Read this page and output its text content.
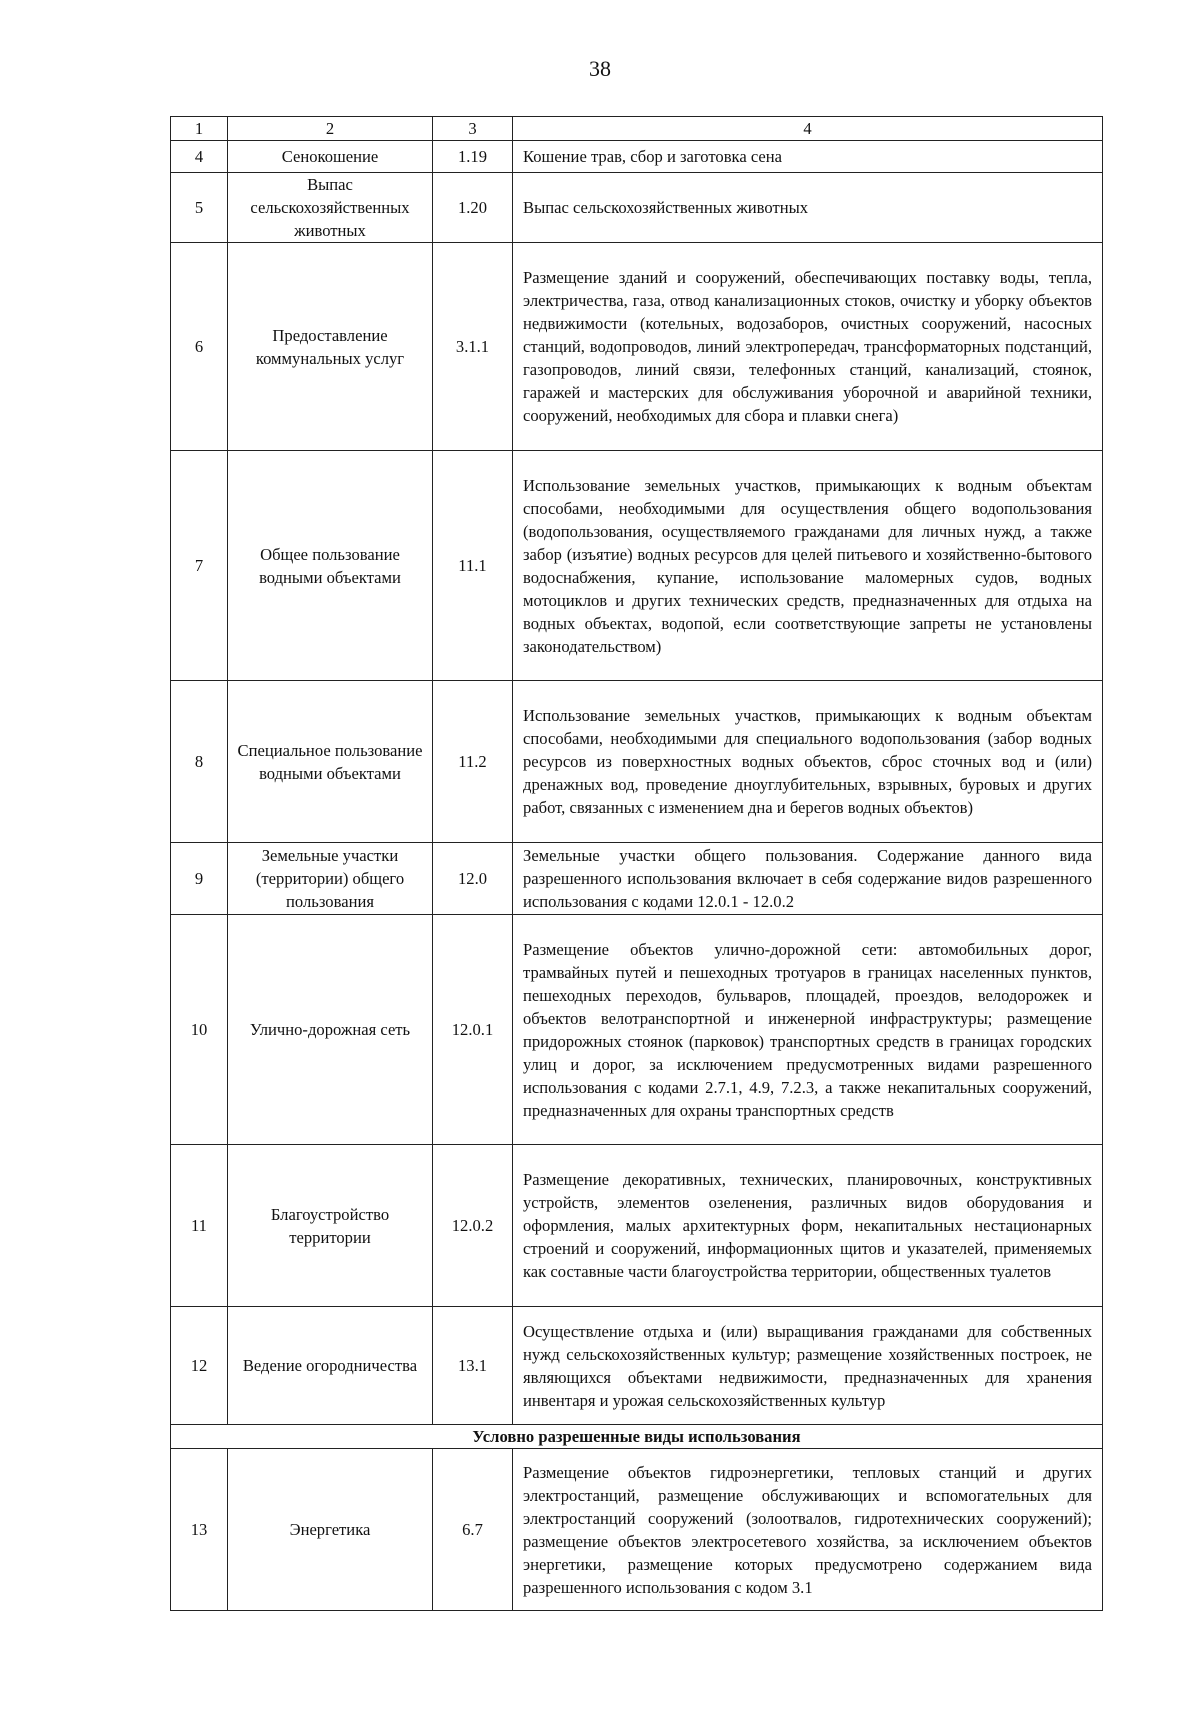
38
1	2	3	4
4	Сенокошение	1.19	Кошение трав, сбор и заготовка сена
5	Выпас сельскохозяйственных животных	1.20	Выпас сельскохозяйственных животных
6	Предоставление коммунальных услуг	3.1.1	Размещение зданий и сооружений, обеспечивающих поставку воды, тепла, электричества, газа, отвод канализационных стоков, очистку и уборку объектов недвижимости (котельных, водозаборов, очистных сооружений, насосных станций, водопроводов, линий электропередач, трансформаторных подстанций, газопроводов, линий связи, телефонных станций, канализаций, стоянок, гаражей и мастерских для обслуживания уборочной и аварийной техники, сооружений, необходимых для сбора и плавки снега)
7	Общее пользование водными объектами	11.1	Использование земельных участков, примыкающих к водным объектам способами, необходимыми для осуществления общего водопользования (водопользования, осуществляемого гражданами для личных нужд, а также забор (изъятие) водных ресурсов для целей питьевого и хозяйственно-бытового водоснабжения, купание, использование маломерных судов, водных мотоциклов и других технических средств, предназначенных для отдыха на водных объектах, водопой, если соответствующие запреты не установлены законодательством)
8	Специальное пользование водными объектами	11.2	Использование земельных участков, примыкающих к водным объектам способами, необходимыми для специального водопользования (забор водных ресурсов из поверхностных водных объектов, сброс сточных вод и (или) дренажных вод, проведение дноуглубительных, взрывных, буровых и других работ, связанных с изменением дна и берегов водных объектов)
9	Земельные участки (территории) общего пользования	12.0	Земельные участки общего пользования. Содержание данного вида разрешенного использования включает в себя содержание видов разрешенного использования с кодами 12.0.1 - 12.0.2
10	Улично-дорожная сеть	12.0.1	Размещение объектов улично-дорожной сети: автомобильных дорог, трамвайных путей и пешеходных тротуаров в границах населенных пунктов, пешеходных переходов, бульваров, площадей, проездов, велодорожек и объектов велотранспортной и инженерной инфраструктуры; размещение придорожных стоянок (парковок) транспортных средств в границах городских улиц и дорог, за исключением предусмотренных видами разрешенного использования с кодами 2.7.1, 4.9, 7.2.3, а также некапитальных сооружений, предназначенных для охраны транспортных средств
11	Благоустройство территории	12.0.2	Размещение декоративных, технических, планировочных, конструктивных устройств, элементов озеленения, различных видов оборудования и оформления, малых архитектурных форм, некапитальных нестационарных строений и сооружений, информационных щитов и указателей, применяемых как составные части благоустройства территории, общественных туалетов
12	Ведение огородничества	13.1	Осуществление отдыха и (или) выращивания гражданами для собственных нужд сельскохозяйственных культур; размещение хозяйственных построек, не являющихся объектами недвижимости, предназначенных для хранения инвентаря и урожая сельскохозяйственных культур
Условно разрешенные виды использования			
13	Энергетика	6.7	Размещение объектов гидроэнергетики, тепловых станций и других электростанций, размещение обслуживающих и вспомогательных для электростанций сооружений (золоотвалов, гидротехнических сооружений); размещение объектов электросетевого хозяйства, за исключением объектов энергетики, размещение которых предусмотрено содержанием вида разрешенного использования с кодом 3.1
